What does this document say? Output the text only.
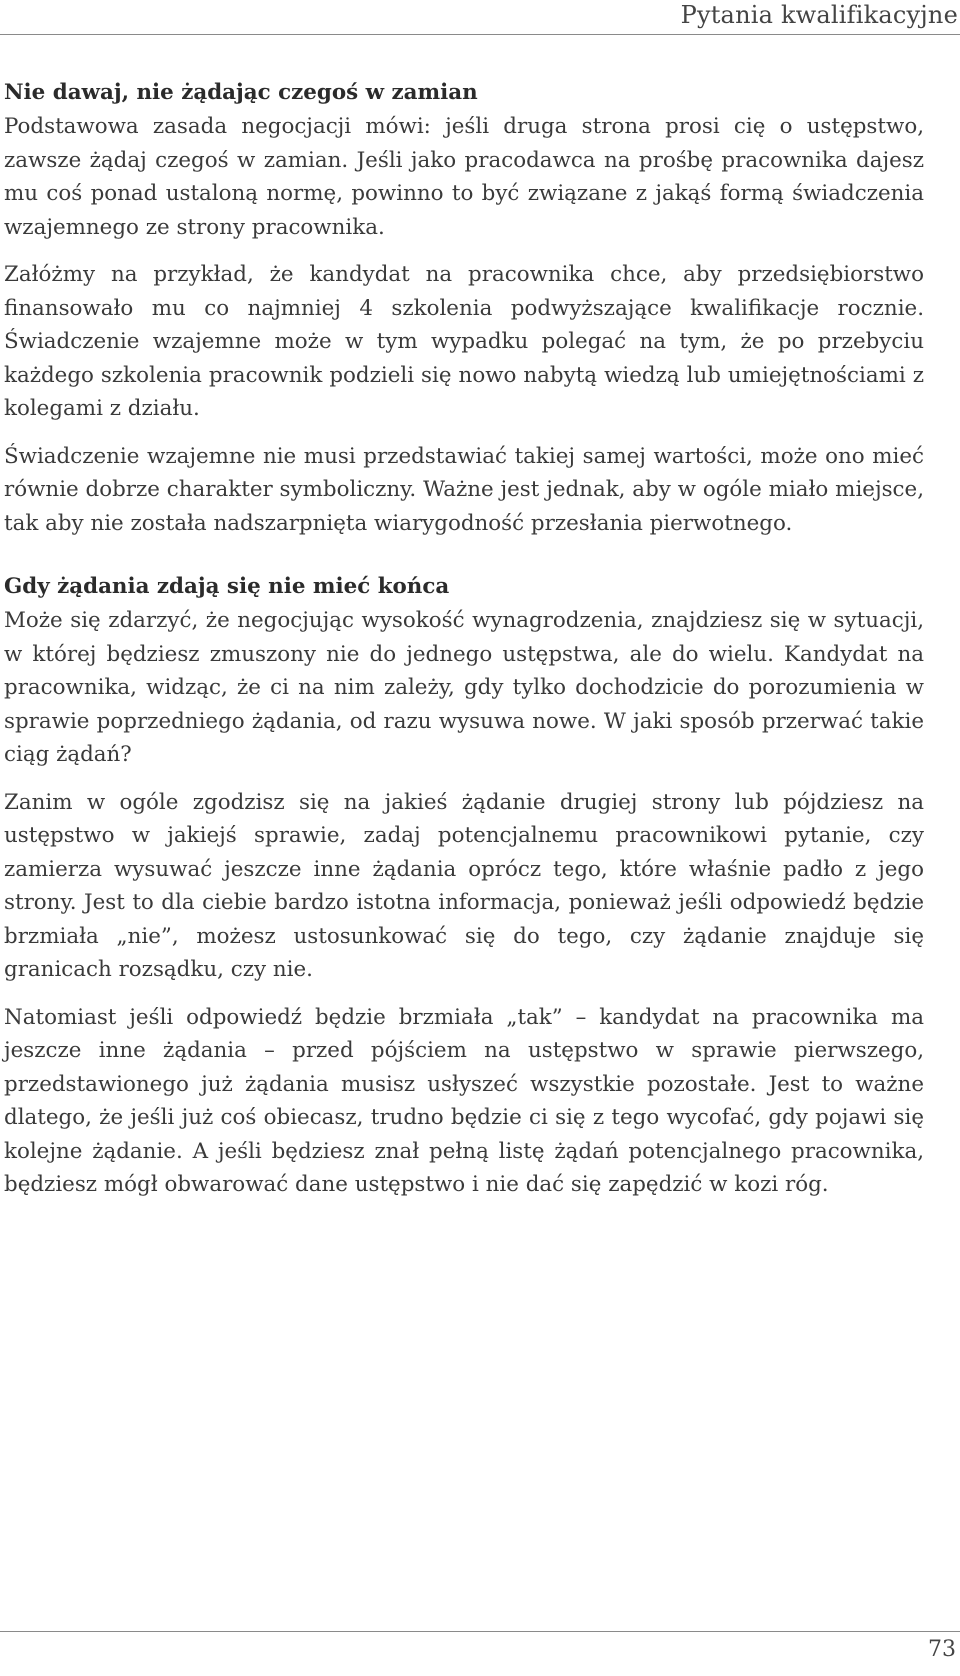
Pytania kwalifikacyjne
Nie dawaj, nie żądając czegoś w zamian

Podstawowa zasada negocjacji mówi: jeśli druga strona prosi cię o ustępstwo, zawsze żądaj czegoś w zamian. Jeśli jako pracodawca na prośbę pracownika dajesz mu coś ponad ustaloną normę, powinno to być związane z jakąś formą świadczenia wzajemnego ze strony pracownika.

Załóżmy na przykład, że kandydat na pracownika chce, aby przedsiębiorstwo finansowało mu co najmniej 4 szkolenia podwyższające kwalifikacje rocznie. Świadczenie wzajemne może w tym wypadku polegać na tym, że po przebyciu każdego szkolenia pracownik podzieli się nowo nabytą wiedzą lub umiejętnościami z kolegami z działu.

Świadczenie wzajemne nie musi przedstawiać takiej samej wartości, może ono mieć równie dobrze charakter symboliczny. Ważne jest jednak, aby w ogóle miało miejsce, tak aby nie została nadszarpnięta wiarygodność przesłania pierwotnego.

Gdy żądania zdają się nie mieć końca

Może się zdarzyć, że negocjując wysokość wynagrodzenia, znajdziesz się w sytuacji, w której będziesz zmuszony nie do jednego ustępstwa, ale do wielu. Kandydat na pracownika, widząc, że ci na nim zależy, gdy tylko dochodzicie do porozumienia w sprawie poprzedniego żądania, od razu wysuwa nowe. W jaki sposób przerwać takie ciąg żądań?

Zanim w ogóle zgodzisz się na jakieś żądanie drugiej strony lub pójdziesz na ustępstwo w jakiejś sprawie, zadaj potencjalnemu pracownikowi pytanie, czy zamierza wysuwać jeszcze inne żądania oprócz tego, które właśnie padło z jego strony. Jest to dla ciebie bardzo istotna informacja, ponieważ jeśli odpowiedź będzie brzmiała „nie”, możesz ustosunkować się do tego, czy żądanie znajduje się granicach rozsądku, czy nie.

Natomiast jeśli odpowiedź będzie brzmiała „tak” – kandydat na pracownika ma jeszcze inne żądania – przed pójściem na ustępstwo w sprawie pierwszego, przedstawionego już żądania musisz usłyszeć wszystkie pozostałe. Jest to ważne dlatego, że jeśli już coś obiecasz, trudno będzie ci się z tego wycofać, gdy pojawi się kolejne żądanie. A jeśli będziesz znał pełną listę żądań potencjalnego pracownika, będziesz mógł obwarować dane ustępstwo i nie dać się zapędzić w kozi róg.

73
